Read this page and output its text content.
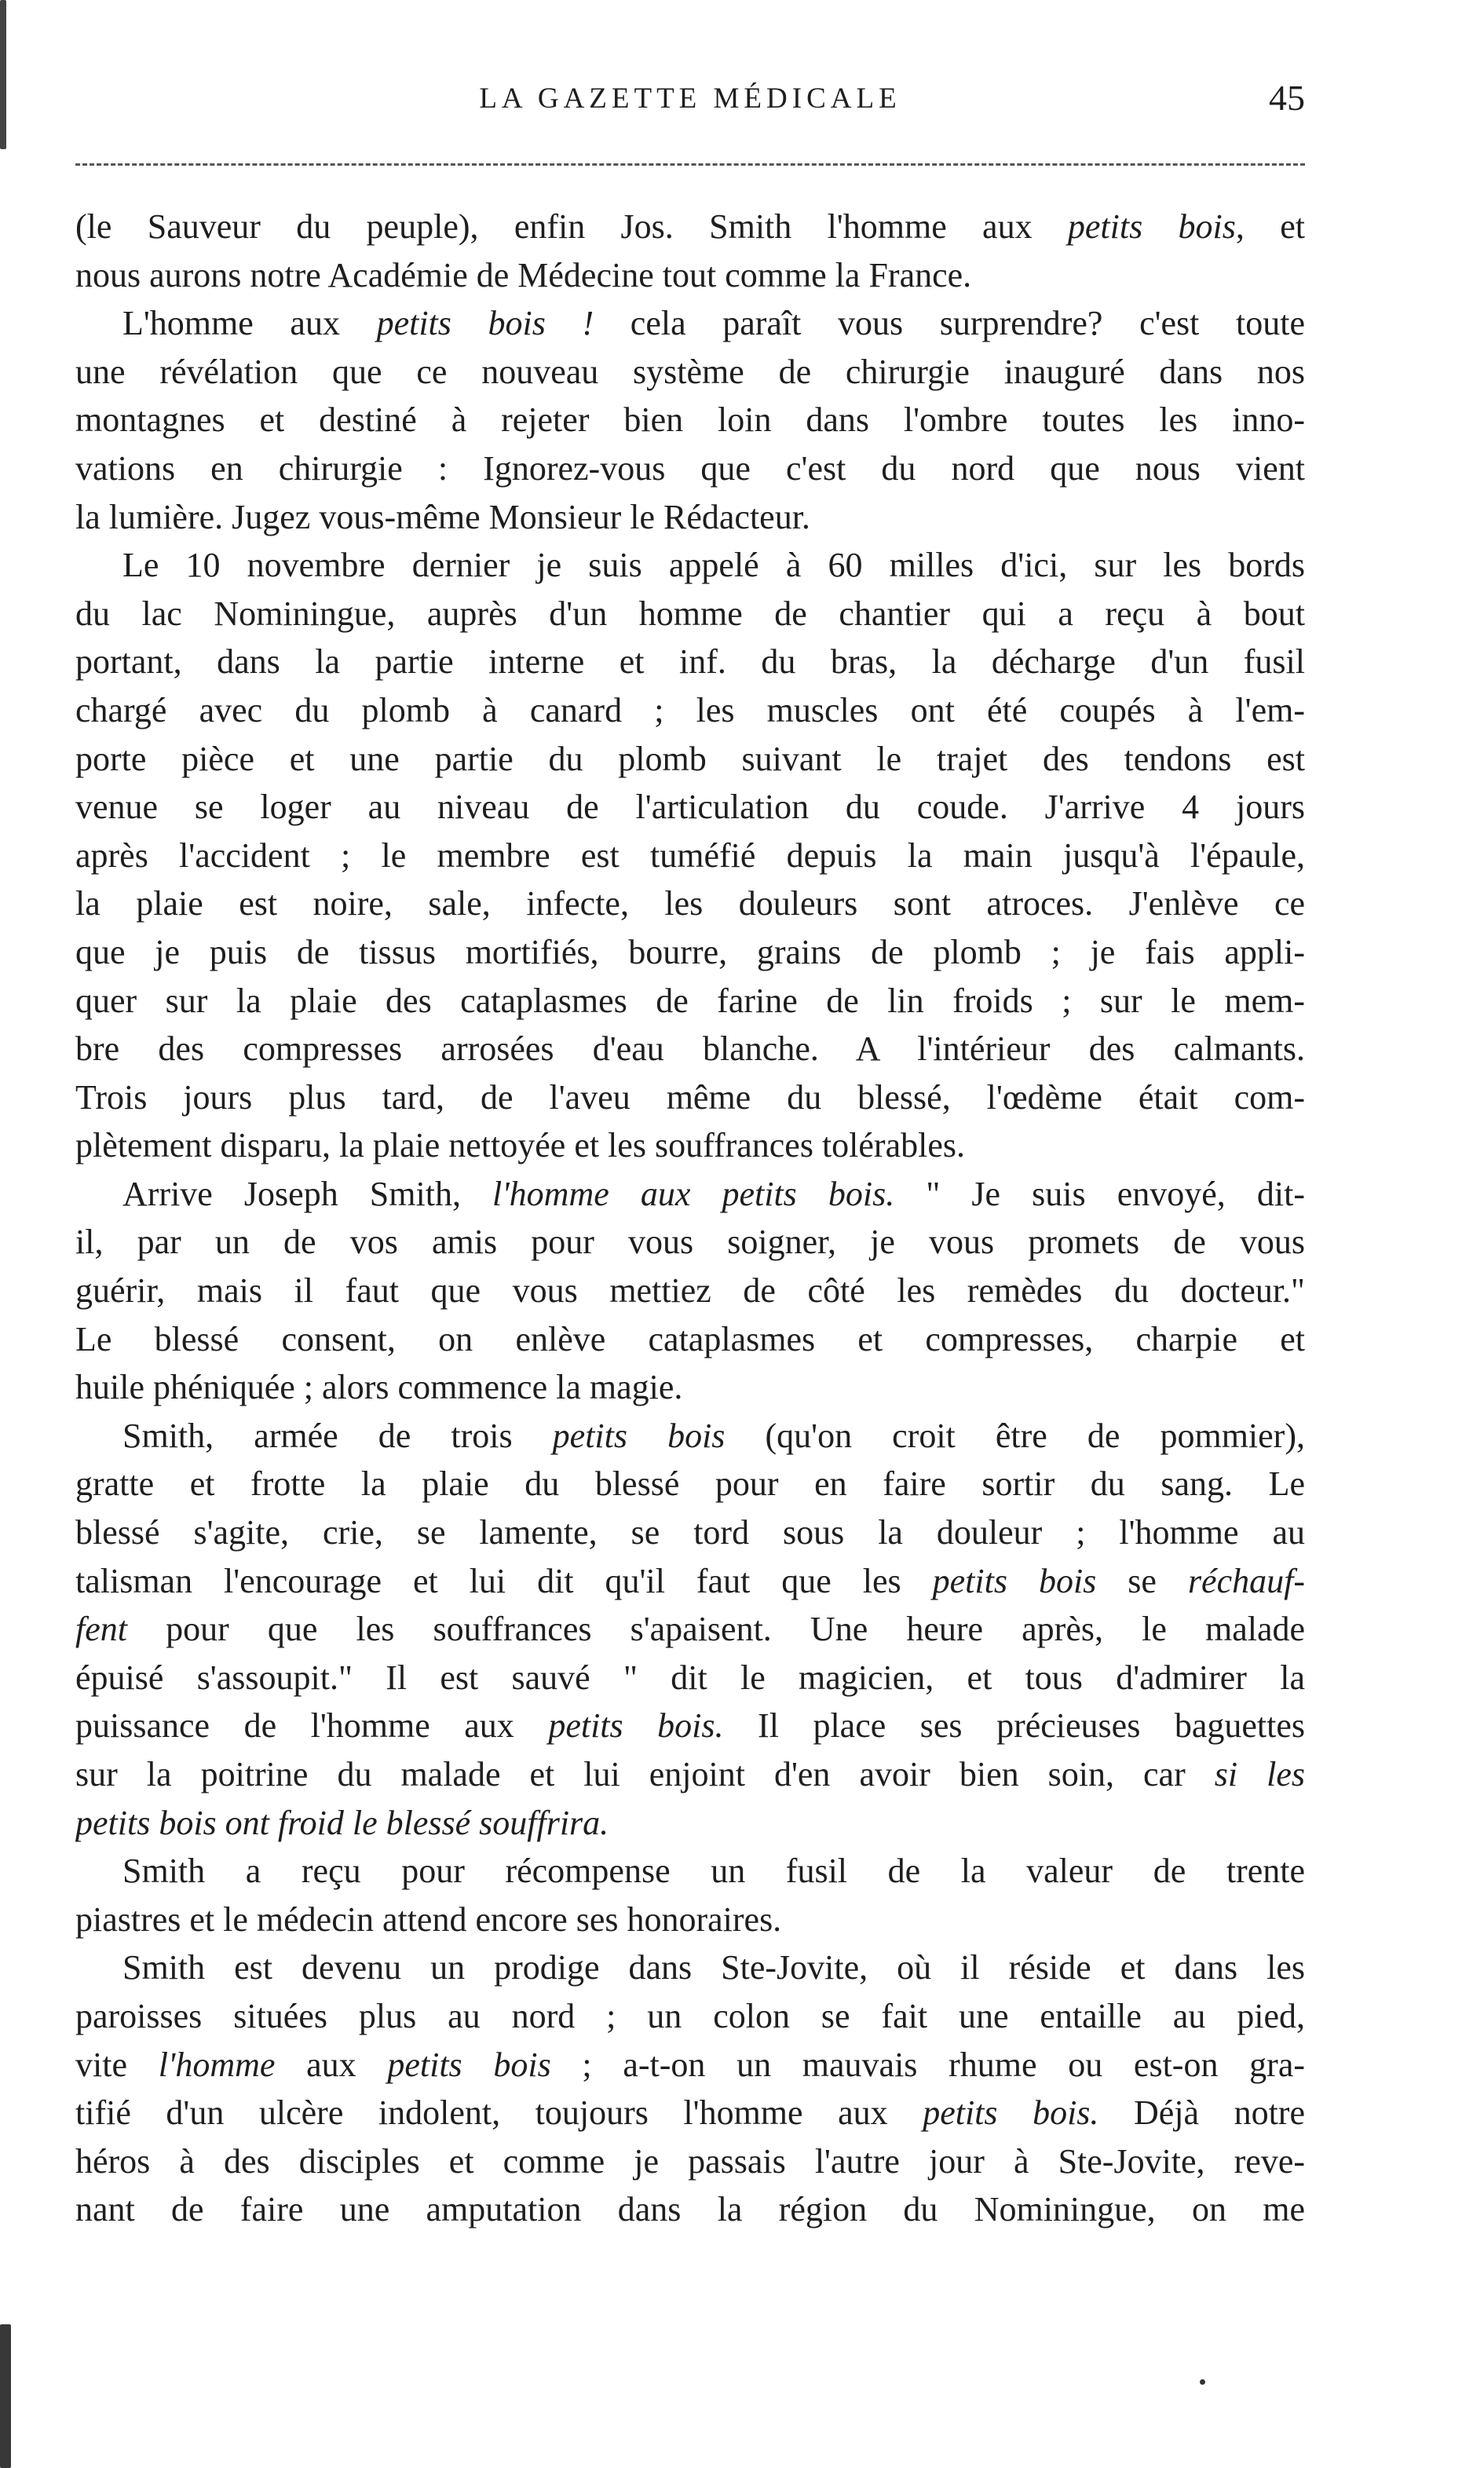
LA GAZETTE MÉDICALE	45
(le Sauveur du peuple), enfin Jos. Smith l'homme aux petits bois, et
nous aurons notre Académie de Médecine tout comme la France.
L'homme aux petits bois ! cela paraît vous surprendre? c'est toute
une révélation que ce nouveau système de chirurgie inauguré dans nos
montagnes et destiné à rejeter bien loin dans l'ombre toutes les inno-
vations en chirurgie : Ignorez-vous que c'est du nord que nous vient
la lumière. Jugez vous-même Monsieur le Rédacteur.
Le 10 novembre dernier je suis appelé à 60 milles d'ici, sur les bords
du lac Nominingue, auprès d'un homme de chantier qui a reçu à bout
portant, dans la partie interne et inf. du bras, la décharge d'un fusil
chargé avec du plomb à canard ; les muscles ont été coupés à l'em-
porte pièce et une partie du plomb suivant le trajet des tendons est
venue se loger au niveau de l'articulation du coude. J'arrive 4 jours
après l'accident ; le membre est tuméfié depuis la main jusqu'à l'épaule,
la plaie est noire, sale, infecte, les douleurs sont atroces. J'enlève ce
que je puis de tissus mortifiés, bourre, grains de plomb ; je fais appli-
quer sur la plaie des cataplasmes de farine de lin froids ; sur le mem-
bre des compresses arrosées d'eau blanche. A l'intérieur des calmants.
Trois jours plus tard, de l'aveu même du blessé, l'œdème était com-
plètement disparu, la plaie nettoyée et les souffrances tolérables.
Arrive Joseph Smith, l'homme aux petits bois. " Je suis envoyé, dit-
il, par un de vos amis pour vous soigner, je vous promets de vous
guérir, mais il faut que vous mettiez de côté les remèdes du docteur."
Le blessé consent, on enlève cataplasmes et compresses, charpie et
huile phéniquée ; alors commence la magie.
Smith, armée de trois petits bois (qu'on croit être de pommier),
gratte et frotte la plaie du blessé pour en faire sortir du sang. Le
blessé s'agite, crie, se lamente, se tord sous la douleur ; l'homme au
talisman l'encourage et lui dit qu'il faut que les petits bois se réchauf-
fent pour que les souffrances s'apaisent. Une heure après, le malade
épuisé s'assoupit." Il est sauvé " dit le magicien, et tous d'admirer la
puissance de l'homme aux petits bois. Il place ses précieuses baguettes
sur la poitrine du malade et lui enjoint d'en avoir bien soin, car si les
petits bois ont froid le blessé souffrira.
Smith a reçu pour récompense un fusil de la valeur de trente
piastres et le médecin attend encore ses honoraires.
Smith est devenu un prodige dans Ste-Jovite, où il réside et dans les
paroisses situées plus au nord ; un colon se fait une entaille au pied,
vite l'homme aux petits bois ; a-t-on un mauvais rhume ou est-on gra-
tifié d'un ulcère indolent, toujours l'homme aux petits bois. Déjà notre
héros à des disciples et comme je passais l'autre jour à Ste-Jovite, reve-
nant de faire une amputation dans la région du Nominingue, on me
